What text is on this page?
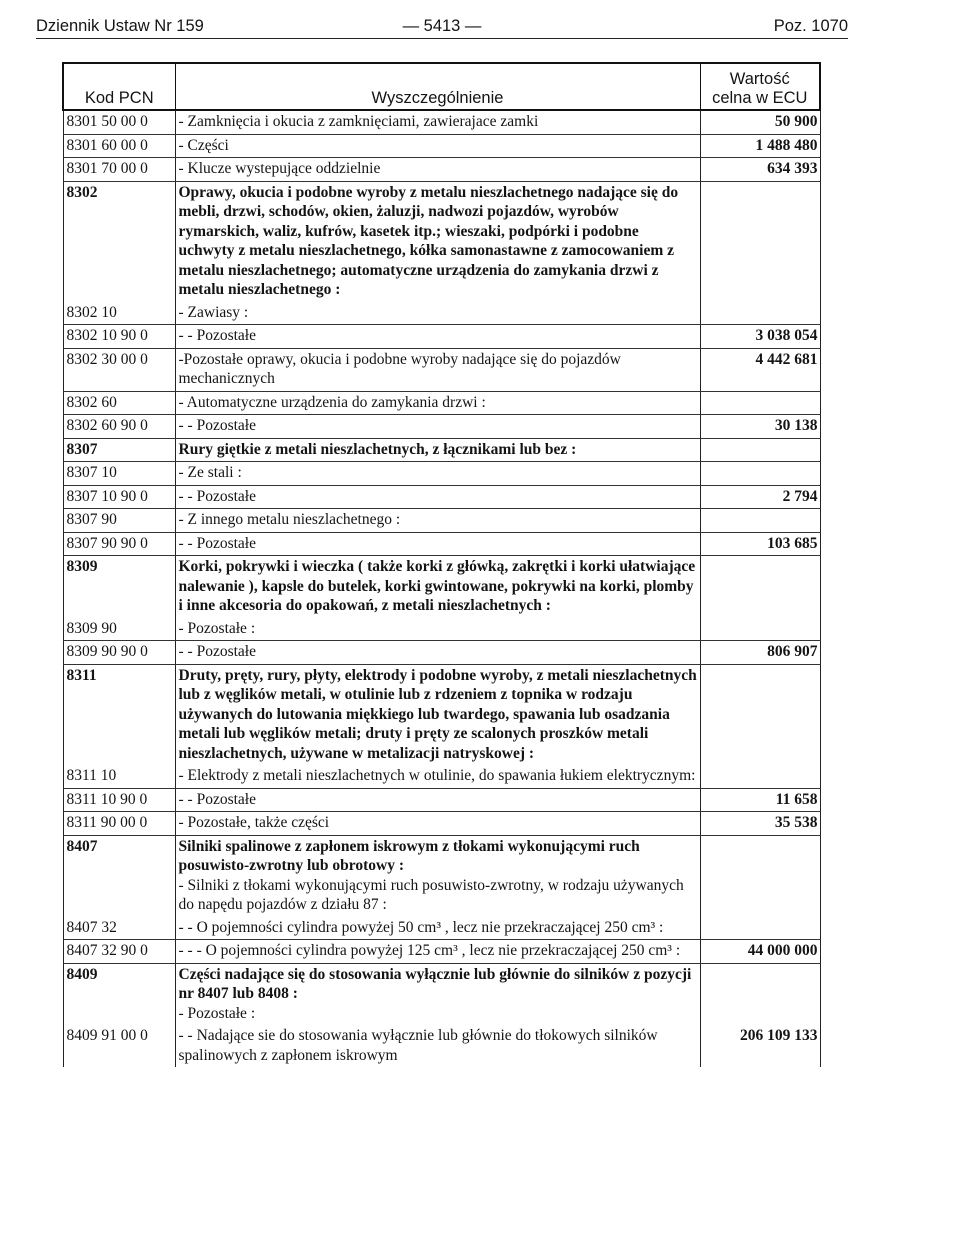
Dziennik Ustaw Nr 159	— 5413 —	Poz. 1070
Kod PCN	Wyszczególnienie	Wartość
celna w ECU

8301 50 00 0	- Zamknięcia i okucia z zamknięciami, zawierajace zamki	50 900
8301 60 00 0	- Części	1 488 480
8301 70 00 0	- Klucze wystepujące oddzielnie	634 393
8302	Oprawy, okucia i podobne wyroby z metalu nieszlachetnego nadające się do mebli, drzwi, schodów, okien, żaluzji, nadwozi pojazdów, wyrobów rymarskich, waliz, kufrów, kasetek itp.; wieszaki, podpórki i podobne uchwyty z metalu nieszlachetnego, kółka samonastawne z zamocowaniem z metalu nieszlachetnego; automatyczne urządzenia do zamykania drzwi z metalu nieszlachetnego :	
8302 10	- Zawiasy :	
8302 10 90 0	- - Pozostałe	3 038 054
8302 30 00 0	-Pozostałe oprawy, okucia i podobne wyroby nadające się do pojazdów mechanicznych	4 442 681
8302 60	- Automatyczne urządzenia do zamykania drzwi :	
8302 60 90 0	- - Pozostałe	30 138
8307	Rury giętkie z metali nieszlachetnych, z łącznikami lub bez :	
8307 10	- Ze stali :	
8307 10 90 0	- - Pozostałe	2 794
8307 90	- Z innego metalu nieszlachetnego :	
8307 90 90 0	- - Pozostałe	103 685
8309	Korki, pokrywki i wieczka ( także korki z główką, zakrętki i korki ułatwiające nalewanie ), kapsle do butelek, korki gwintowane, pokrywki na korki, plomby i inne akcesoria do opakowań, z metali nieszlachetnych :	
8309 90	- Pozostałe :	
8309 90 90 0	- - Pozostałe	806 907
8311	Druty, pręty, rury, płyty, elektrody i podobne wyroby, z metali nieszlachetnych lub z węglików metali, w otulinie lub z rdzeniem z topnika w rodzaju używanych do lutowania miękkiego lub twardego, spawania lub osadzania metali lub węglików metali; druty i pręty ze scalonych proszków metali nieszlachetnych, używane w metalizacji natryskowej :	
8311 10	- Elektrody z metali nieszlachetnych w otulinie, do spawania łukiem elektrycznym:	
8311 10 90 0	- - Pozostałe	11 658
8311 90 00 0	- Pozostałe, także części	35 538
8407	Silniki spalinowe z zapłonem iskrowym z tłokami wykonującymi ruch posuwisto-zwrotny lub obrotowy :
- Silniki z tłokami wykonującymi ruch posuwisto-zwrotny, w rodzaju używanych do napędu pojazdów z działu 87 :	

8407 32	- - O pojemności cylindra powyżej 50 cm³ , lecz nie przekraczającej 250 cm³ :	
8407 32 90 0	- - - O pojemności cylindra powyżej 125 cm³ , lecz nie przekraczającej 250 cm³ :	44 000 000
8409	Części nadające się do stosowania wyłącznie lub głównie do silników z pozycji nr 8407 lub 8408 :
- Pozostałe :	

8409 91 00 0	- - Nadające sie do stosowania wyłącznie lub głównie do tłokowych silników spalinowych z zapłonem iskrowym	206 109 133
